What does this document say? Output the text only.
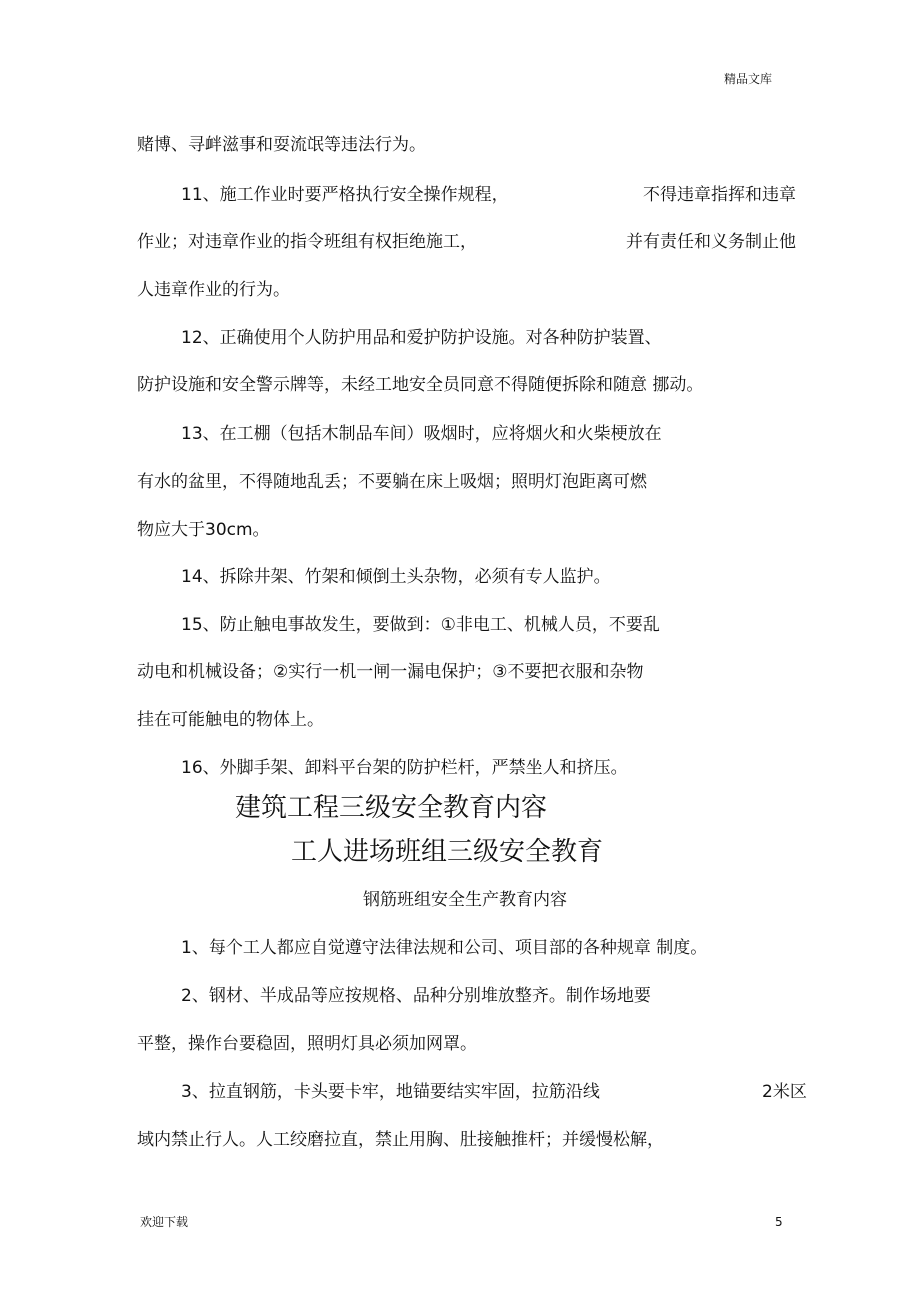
精品文库
赌博、寻衅滋事和耍流氓等违法行为。
11、施工作业时要严格执行安全操作规程，	不得违章指挥和违章
作业；对违章作业的指令班组有权拒绝施工，	并有责任和义务制止他
人违章作业的行为。
12、正确使用个人防护用品和爱护防护设施。对各种防护装置、
防护设施和安全警示牌等，未经工地安全员同意不得随便拆除和随意 挪动。
13、在工棚（包括木制品车间）吸烟时，应将烟火和火柴梗放在
有水的盆里，不得随地乱丢；不要躺在床上吸烟；照明灯泡距离可燃
物应大于30cm。
14、拆除井架、竹架和倾倒土头杂物，必须有专人监护。
15、防止触电事故发生，要做到：①非电工、机械人员，不要乱
动电和机械设备；②实行一机一闸一漏电保护；③不要把衣服和杂物
挂在可能触电的物体上。
16、外脚手架、卸料平台架的防护栏杆，严禁坐人和挤压。
建筑工程三级安全教育内容
工人进场班组三级安全教育
钢筋班组安全生产教育内容
1、每个工人都应自觉遵守法律法规和公司、项目部的各种规章 制度。
2、钢材、半成品等应按规格、品种分别堆放整齐。制作场地要
平整，操作台要稳固，照明灯具必须加网罩。
3、拉直钢筋，卡头要卡牢，地锚要结实牢固，拉筋沿线	2米区
域内禁止行人。人工绞磨拉直，禁止用胸、肚接触推杆；并缓慢松解，
欢迎下载	5
